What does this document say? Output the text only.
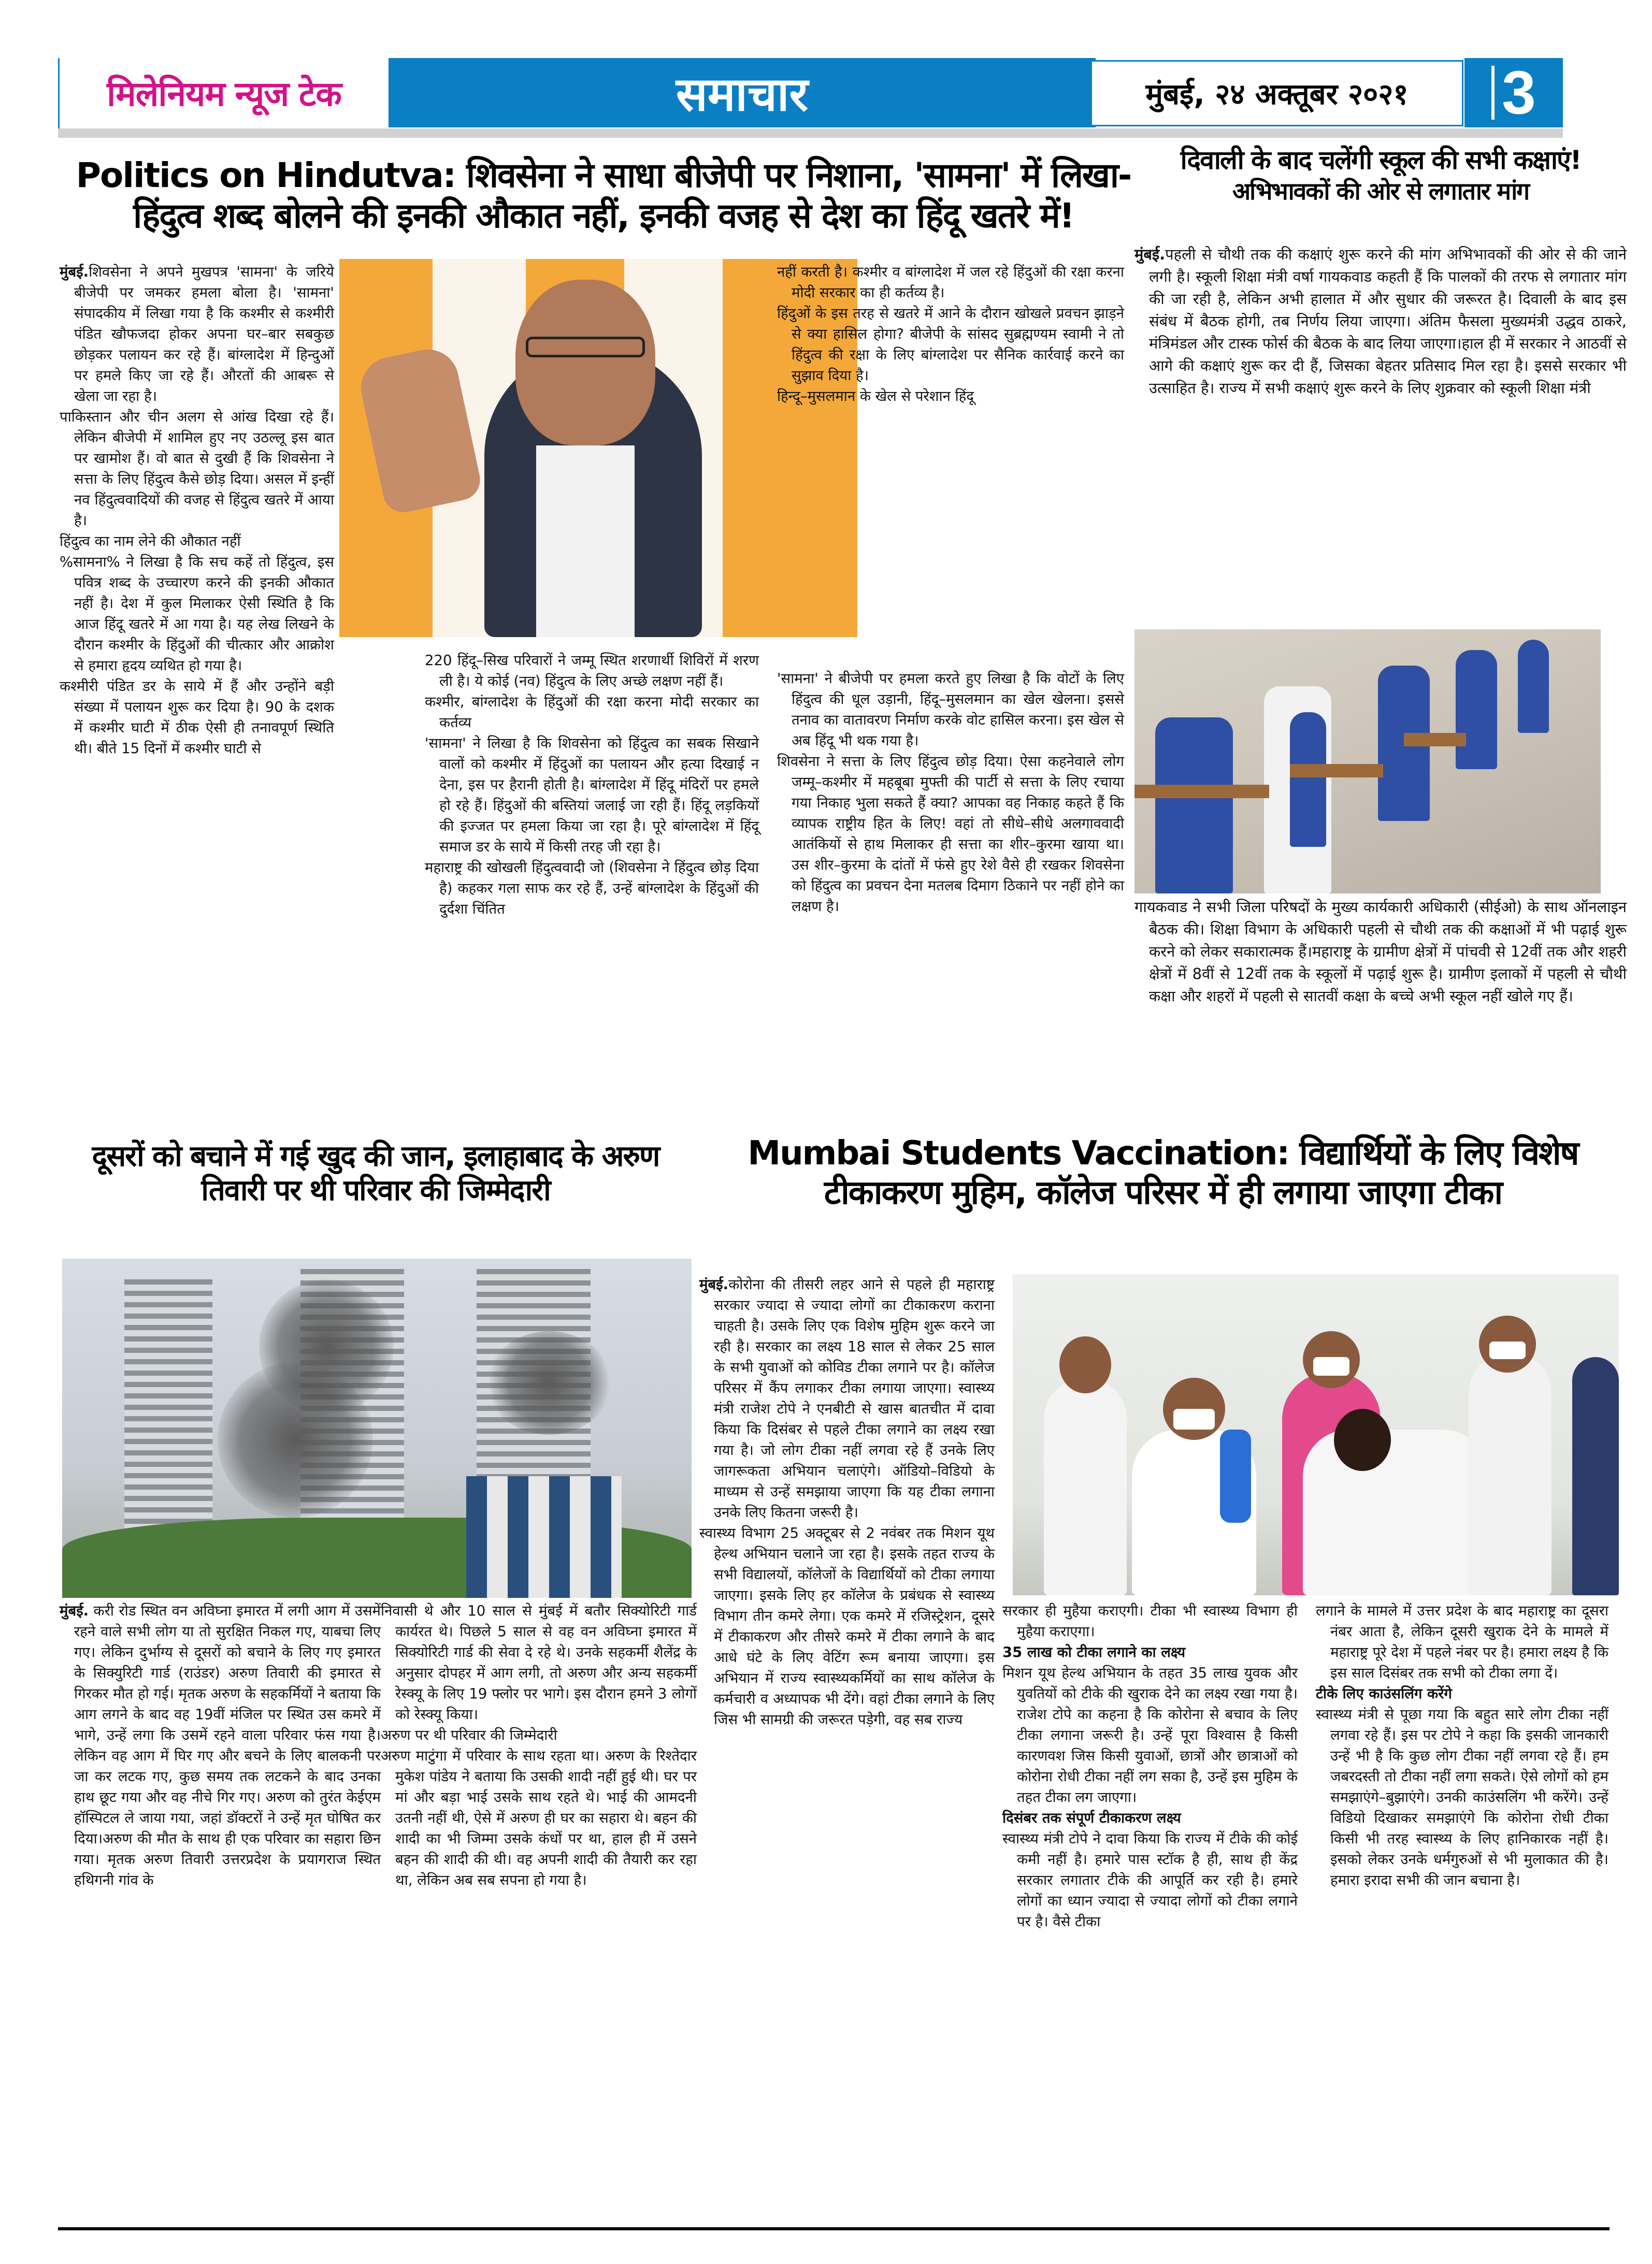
मिलेनियम न्यूज टेक	समाचार	मुंबई, २४ अक्तूबर २०२१ 3
Politics on Hindutva: शिवसेना ने साधा बीजेपी पर निशाना, 'सामना' में लिखा- हिंदुत्व शब्द बोलने की इनकी औकात नहीं, इनकी वजह से देश का हिंदू खतरे में!

मुंबई.शिवसेना ने अपने मुखपत्र 'सामना' के जरिये बीजेपी पर जमकर हमला बोला है। 'सामना' संपादकीय में लिखा गया है कि कश्मीर से कश्मीरी पंडित खौफजदा होकर अपना घर–बार सबकुछ छोड़कर पलायन कर रहे हैं। बांग्लादेश में हिन्दुओं पर हमले किए जा रहे हैं। औरतों की आबरू से खेला जा रहा है।

पाकिस्तान और चीन अलग से आंख दिखा रहे हैं। लेकिन बीजेपी में शामिल हुए नए उठल्लू इस बात पर खामोश हैं। वो बात से दुखी हैं कि शिवसेना ने सत्ता के लिए हिंदुत्व कैसे छोड़ दिया। असल में इन्हीं नव हिंदुत्ववादियों की वजह से हिंदुत्व खतरे में आया है।

हिंदुत्व का नाम लेने की औकात नहीं

%सामना% ने लिखा है कि सच कहें तो हिंदुत्व, इस पवित्र शब्द के उच्चारण करने की इनकी औकात नहीं है। देश में कुल मिलाकर ऐसी स्थिति है कि आज हिंदू खतरे में आ गया है। यह लेख लिखने के दौरान कश्मीर के हिंदुओं की चीत्कार और आक्रोश से हमारा हृदय व्यथित हो गया है।

कश्मीरी पंडित डर के साये में हैं और उन्होंने बड़ी संख्या में पलायन शुरू कर दिया है। 90 के दशक में कश्मीर घाटी में ठीक ऐसी ही तनावपूर्ण स्थिति थी। बीते 15 दिनों में कश्मीर घाटी से

220 हिंदू–सिख परिवारों ने जम्मू स्थित शरणार्थी शिविरों में शरण ली है। ये कोई (नव) हिंदुत्व के लिए अच्छे लक्षण नहीं हैं।

कश्मीर, बांग्लादेश के हिंदुओं की रक्षा करना मोदी सरकार का कर्तव्य

'सामना' ने लिखा है कि शिवसेना को हिंदुत्व का सबक सिखाने वालों को कश्मीर में हिंदुओं का पलायन और हत्या दिखाई न देना, इस पर हैरानी होती है। बांग्लादेश में हिंदू मंदिरों पर हमले हो रहे हैं। हिंदुओं की बस्तियां जलाई जा रही हैं। हिंदू लड़कियों की इज्जत पर हमला किया जा रहा है। पूरे बांग्लादेश में हिंदू समाज डर के साये में किसी तरह जी रहा है।

महाराष्ट्र की खोखली हिंदुत्ववादी जो (शिवसेना ने हिंदुत्व छोड़ दिया है) कहकर गला साफ कर रहे हैं, उन्हें बांग्लादेश के हिंदुओं की दुर्दशा चिंतित

नहीं करती है। कश्मीर व बांग्लादेश में जल रहे हिंदुओं की रक्षा करना मोदी सरकार का ही कर्तव्य है।

हिंदुओं के इस तरह से खतरे में आने के दौरान खोखले प्रवचन झाड़ने से क्या हासिल होगा? बीजेपी के सांसद सुब्रह्मण्यम स्वामी ने तो हिंदुत्व की रक्षा के लिए बांग्लादेश पर सैनिक कार्रवाई करने का सुझाव दिया है।

हिन्दू–मुसलमान के खेल से परेशान हिंदू

'सामना' ने बीजेपी पर हमला करते हुए लिखा है कि वोटों के लिए हिंदुत्व की धूल उड़ानी, हिंदू–मुसलमान का खेल खेलना। इससे तनाव का वातावरण निर्माण करके वोट हासिल करना। इस खेल से अब हिंदू भी थक गया है।

शिवसेना ने सत्ता के लिए हिंदुत्व छोड़ दिया। ऐसा कहनेवाले लोग जम्मू–कश्मीर में महबूबा मुफ्ती की पार्टी से सत्ता के लिए रचाया गया निकाह भुला सकते हैं क्या? आपका वह निकाह कहते हैं कि व्यापक राष्ट्रीय हित के लिए! वहां तो सीधे–सीधे अलगाववादी आतंकियों से हाथ मिलाकर ही सत्ता का शीर–कुरमा खाया था। उस शीर–कुरमा के दांतों में फंसे हुए रेशे वैसे ही रखकर शिवसेना को हिंदुत्व का प्रवचन देना मतलब दिमाग ठिकाने पर नहीं होने का लक्षण है।

दिवाली के बाद चलेंगी स्कूल की सभी कक्षाएं!
अभिभावकों की ओर से लगातार मांग

मुंबई.पहली से चौथी तक की कक्षाएं शुरू करने की मांग अभिभावकों की ओर से की जाने लगी है। स्कूली शिक्षा मंत्री वर्षा गायकवाड कहती हैं कि पालकों की तरफ से लगातार मांग की जा रही है, लेकिन अभी हालात में और सुधार की जरूरत है। दिवाली के बाद इस संबंध में बैठक होगी, तब निर्णय लिया जाएगा। अंतिम फैसला मुख्यमंत्री उद्धव ठाकरे, मंत्रिमंडल और टास्क फोर्स की बैठक के बाद लिया जाएगा।हाल ही में सरकार ने आठवीं से आगे की कक्षाएं शुरू कर दी हैं, जिसका बेहतर प्रतिसाद मिल रहा है। इससे सरकार भी उत्साहित है। राज्य में सभी कक्षाएं शुरू करने के लिए शुक्रवार को स्कूली शिक्षा मंत्री

गायकवाड ने सभी जिला परिषदों के मुख्य कार्यकारी अधिकारी (सीईओ) के साथ ऑनलाइन बैठक की। शिक्षा विभाग के अधिकारी पहली से चौथी तक की कक्षाओं में भी पढ़ाई शुरू करने को लेकर सकारात्मक हैं।महाराष्ट्र के ग्रामीण क्षेत्रों में पांचवी से 12वीं तक और शहरी क्षेत्रों में 8वीं से 12वीं तक के स्कूलों में पढ़ाई शुरू है। ग्रामीण इलाकों में पहली से चौथी कक्षा और शहरों में पहली से सातवीं कक्षा के बच्चे अभी स्कूल नहीं खोले गए हैं।

दूसरों को बचाने में गई खुद की जान, इलाहाबाद के अरुण तिवारी पर थी परिवार की जिम्मेदारी

मुंबई. करी रोड स्थित वन अविघ्ना इमारत में लगी आग में उसमें रहने वाले सभी लोग या तो सुरक्षित निकल गए, याबचा लिए गए। लेकिन दुर्भाग्य से दूसरों को बचाने के लिए गए इमारत के सिक्युरिटी गार्ड (राउंडर) अरुण तिवारी की इमारत से गिरकर मौत हो गई। मृतक अरुण के सहकर्मियों ने बताया कि आग लगने के बाद वह 19वीं मंजिल पर स्थित उस कमरे में भागे, उन्हें लगा कि उसमें रहने वाला परिवार फंस गया है। लेकिन वह आग में घिर गए और बचने के लिए बालकनी पर जा कर लटक गए, कुछ समय तक लटकने के बाद उनका हाथ छूट गया और वह नीचे गिर गए। अरुण को तुरंत केईएम हॉस्पिटल ले जाया गया, जहां डॉक्टरों ने उन्हें मृत घोषित कर दिया।अरुण की मौत के साथ ही एक परिवार का सहारा छिन गया। मृतक अरुण तिवारी उत्तरप्रदेश के प्रयागराज स्थित हथिगनी गांव के

निवासी थे और 10 साल से मुंबई में बतौर सिक्योरिटी गार्ड कार्यरत थे। पिछले 5 साल से वह वन अविघ्ना इमारत में सिक्योरिटी गार्ड की सेवा दे रहे थे। उनके सहकर्मी शैलेंद्र के अनुसार दोपहर में आग लगी, तो अरुण और अन्य सहकर्मी रेस्क्यू के लिए 19 फ्लोर पर भागे। इस दौरान हमने 3 लोगों को रेस्क्यू किया।

अरुण पर थी परिवार की जिम्मेदारी

अरुण माटुंगा में परिवार के साथ रहता था। अरुण के रिश्तेदार मुकेश पांडेय ने बताया कि उसकी शादी नहीं हुई थी। घर पर मां और बड़ा भाई उसके साथ रहते थे। भाई की आमदनी उतनी नहीं थी, ऐसे में अरुण ही घर का सहारा थे। बहन की शादी का भी जिम्मा उसके कंधों पर था, हाल ही में उसने बहन की शादी की थी। वह अपनी शादी की तैयारी कर रहा था, लेकिन अब सब सपना हो गया है।

Mumbai Students Vaccination: विद्यार्थियों के लिए विशेष टीकाकरण मुहिम, कॉलेज परिसर में ही लगाया जाएगा टीका

मुंबई.कोरोना की तीसरी लहर आने से पहले ही महाराष्ट्र सरकार ज्यादा से ज्यादा लोगों का टीकाकरण कराना चाहती है। उसके लिए एक विशेष मुहिम शुरू करने जा रही है। सरकार का लक्ष्य 18 साल से लेकर 25 साल के सभी युवाओं को कोविड टीका लगाने पर है। कॉलेज परिसर में कैंप लगाकर टीका लगाया जाएगा। स्वास्थ्य मंत्री राजेश टोपे ने एनबीटी से खास बातचीत में दावा किया कि दिसंबर से पहले टीका लगाने का लक्ष्य रखा गया है। जो लोग टीका नहीं लगवा रहे हैं उनके लिए जागरूकता अभियान चलाएंगे। ऑडियो–विडियो के माध्यम से उन्हें समझाया जाएगा कि यह टीका लगाना उनके लिए कितना जरूरी है।

स्वास्थ्य विभाग 25 अक्टूबर से 2 नवंबर तक मिशन यूथ हेल्थ अभियान चलाने जा रहा है। इसके तहत राज्य के सभी विद्यालयों, कॉलेजों के विद्यार्थियों को टीका लगाया जाएगा। इसके लिए हर कॉलेज के प्रबंधक से स्वास्थ्य विभाग तीन कमरे लेगा। एक कमरे में रजिस्ट्रेशन, दूसरे में टीकाकरण और तीसरे कमरे में टीका लगाने के बाद आधे घंटे के लिए वेटिंग रूम बनाया जाएगा। इस अभियान में राज्य स्वास्थ्यकर्मियों का साथ कॉलेज के कर्मचारी व अध्यापक भी देंगे। वहां टीका लगाने के लिए जिस भी सामग्री की जरूरत पड़ेगी, वह सब राज्य

सरकार ही मुहैया कराएगी। टीका भी स्वास्थ्य विभाग ही मुहैया कराएगा।

35 लाख को टीका लगाने का लक्ष्य

मिशन यूथ हेल्थ अभियान के तहत 35 लाख युवक और युवतियों को टीके की खुराक देने का लक्ष्य रखा गया है। राजेश टोपे का कहना है कि कोरोना से बचाव के लिए टीका लगाना जरूरी है। उन्हें पूरा विश्वास है किसी कारणवश जिस किसी युवाओं, छात्रों और छात्राओं को कोरोना रोधी टीका नहीं लग सका है, उन्हें इस मुहिम के तहत टीका लग जाएगा।

दिसंबर तक संपूर्ण टीकाकरण लक्ष्य

स्वास्थ्य मंत्री टोपे ने दावा किया कि राज्य में टीके की कोई कमी नहीं है। हमारे पास स्टॉक है ही, साथ ही केंद्र सरकार लगातार टीके की आपूर्ति कर रही है। हमारे लोगों का ध्यान ज्यादा से ज्यादा लोगों को टीका लगाने पर है। वैसे टीका

लगाने के मामले में उत्तर प्रदेश के बाद महाराष्ट्र का दूसरा नंबर आता है, लेकिन दूसरी खुराक देने के मामले में महाराष्ट्र पूरे देश में पहले नंबर पर है। हमारा लक्ष्य है कि इस साल दिसंबर तक सभी को टीका लगा दें।

टीके लिए काउंसलिंग करेंगे

स्वास्थ्य मंत्री से पूछा गया कि बहुत सारे लोग टीका नहीं लगवा रहे हैं। इस पर टोपे ने कहा कि इसकी जानकारी उन्हें भी है कि कुछ लोग टीका नहीं लगवा रहे हैं। हम जबरदस्ती तो टीका नहीं लगा सकते। ऐसे लोगों को हम समझाएंगे–बुझाएंगे। उनकी काउंसलिंग भी करेंगे। उन्हें विडियो दिखाकर समझाएंगे कि कोरोना रोधी टीका किसी भी तरह स्वास्थ्य के लिए हानिकारक नहीं है। इसको लेकर उनके धर्मगुरुओं से भी मुलाकात की है। हमारा इरादा सभी की जान बचाना है।
